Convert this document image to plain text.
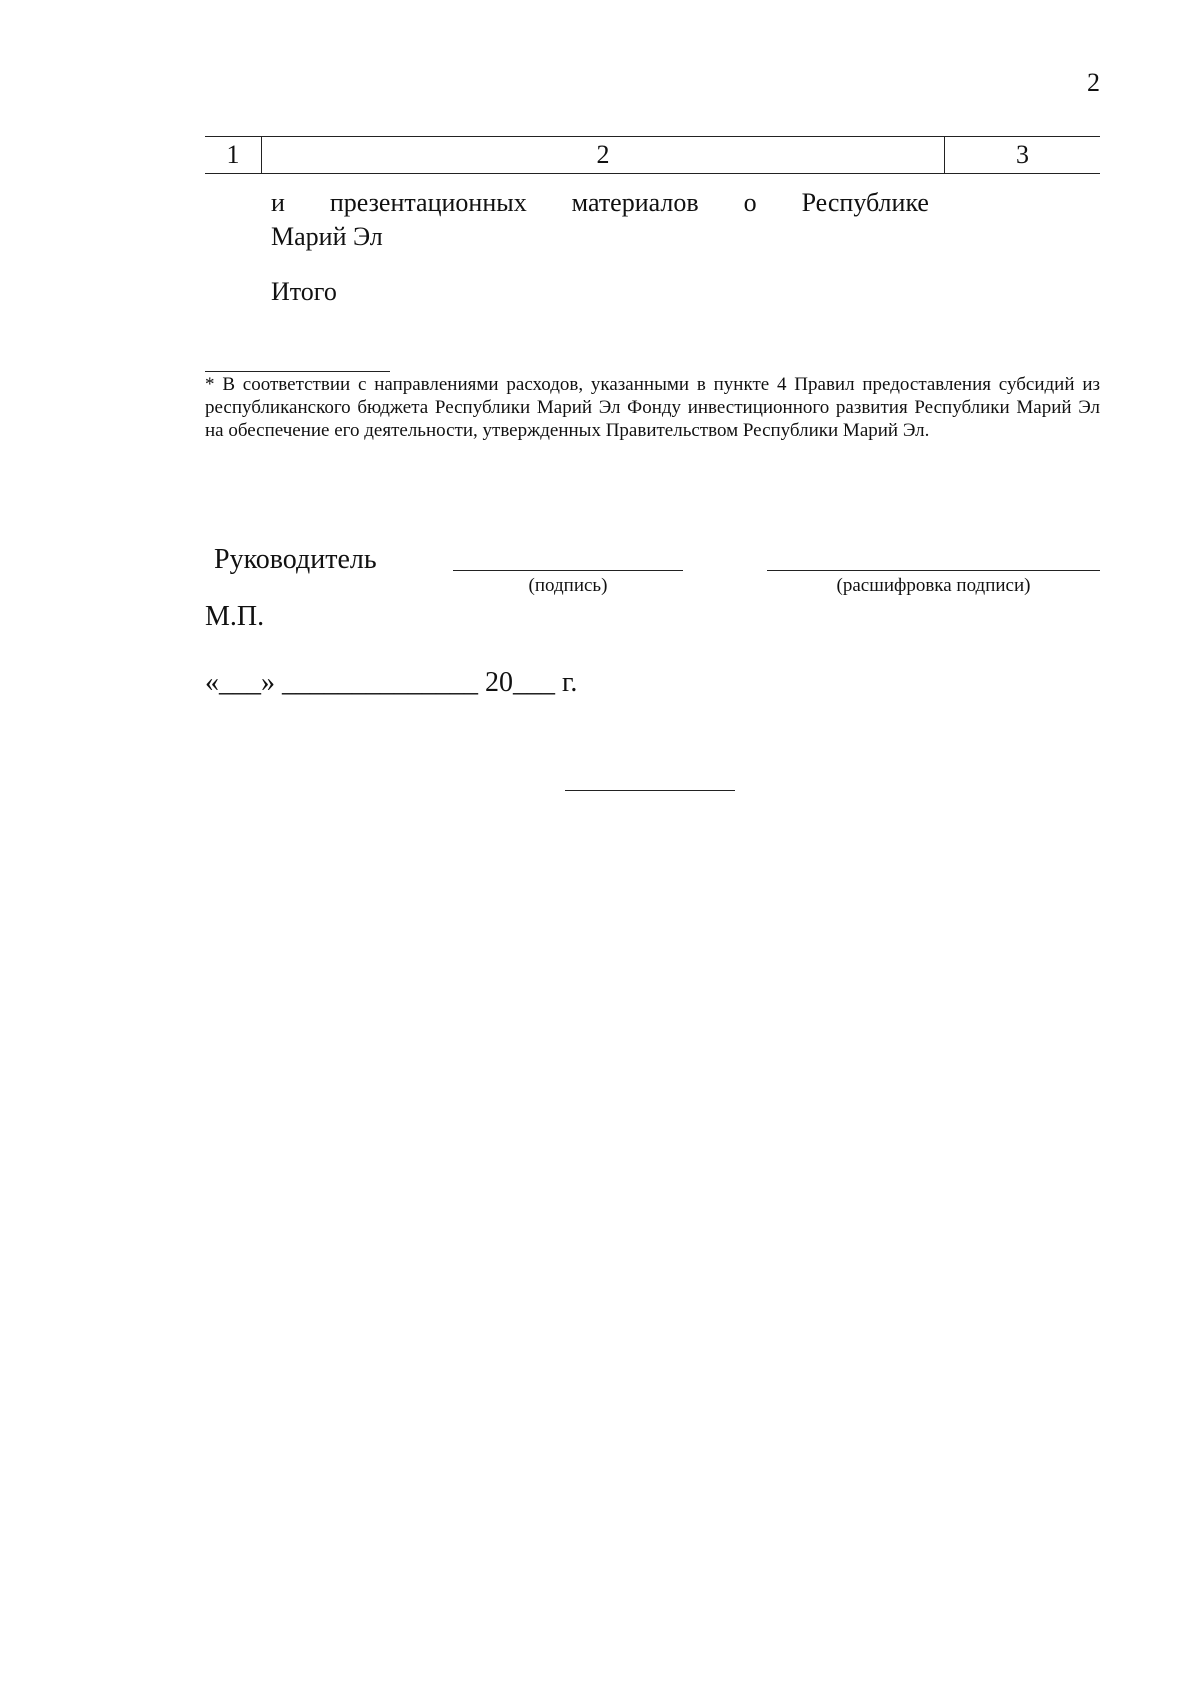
2
1	2	3
и презентационных материалов о Республике
Марий Эл
Итого
* В соответствии с направлениями расходов, указанными в пункте 4 Правил предоставления субсидий из республиканского бюджета Республики Марий Эл Фонду инвестиционного развития Республики Марий Эл на обеспечение его деятельности, утвержденных Правительством Республики Марий Эл.
Руководитель
(подпись)	(расшифровка подписи)
М.П.
«___» ______________ 20___ г.
